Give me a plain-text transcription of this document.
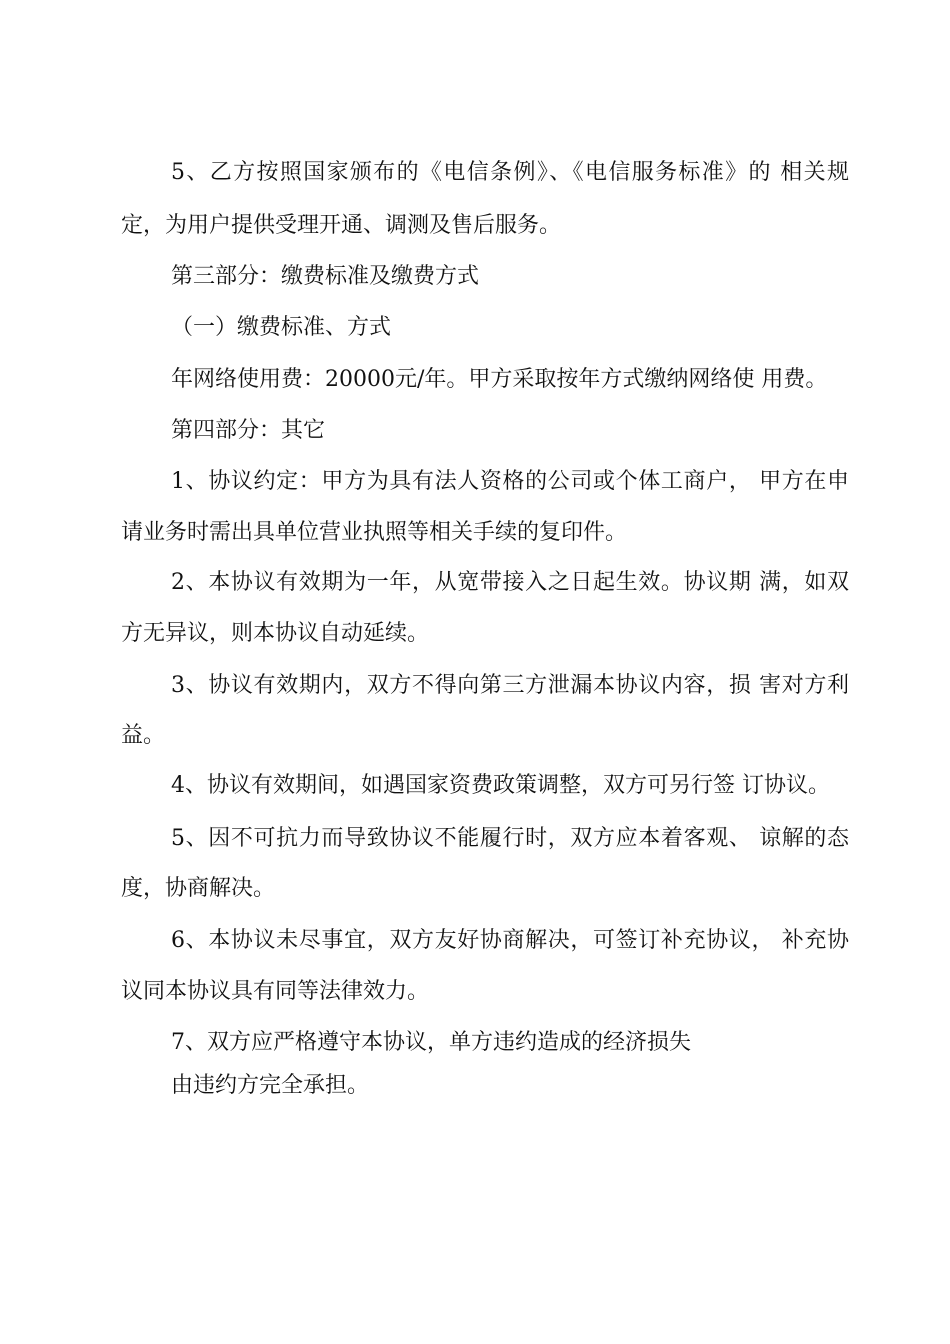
5、乙方按照国家颁布的《电信条例》、《电信服务标准》的 相关规
定，为用户提供受理开通、调测及售后服务。
第三部分：缴费标准及缴费方式
（一）缴费标准、方式
年网络使用费：20000元/年。甲方采取按年方式缴纳网络使 用费。
第四部分：其它
1、协议约定：甲方为具有法人资格的公司或个体工商户， 甲方在申
请业务时需出具单位营业执照等相关手续的复印件。
2、本协议有效期为一年，从宽带接入之日起生效。协议期 满，如双
方无异议，则本协议自动延续。
3、协议有效期内，双方不得向第三方泄漏本协议内容，损 害对方利
益。
4、协议有效期间，如遇国家资费政策调整，双方可另行签 订协议。
5、因不可抗力而导致协议不能履行时，双方应本着客观、 谅解的态
度，协商解决。
6、本协议未尽事宜，双方友好协商解决，可签订补充协议， 补充协
议同本协议具有同等法律效力。
7、双方应严格遵守本协议，单方违约造成的经济损失
由违约方完全承担。
